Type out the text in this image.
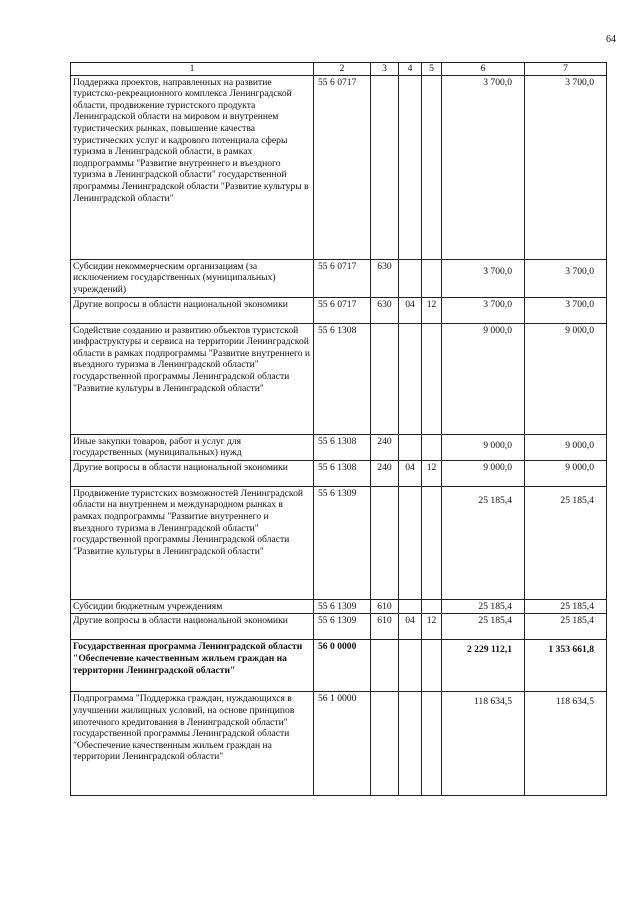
64
1	2	3	4	5	6	7
Поддержка проектов, направленных на развитие туристско-рекреационного комплекса Ленинградской области, продвижение туристского продукта Ленинградской области на мировом и внутреннем туристических рынках, повышение качества туристических услуг и кадрового потенциала сферы туризма в Ленинградской области, в рамках подпрограммы "Развитие внутреннего и въездного туризма в Ленинградской области" государственной программы Ленинградской области "Развитие культуры в Ленинградской области"	55 6 0717				3 700,0	3 700,0
Субсидии некоммерческим организациям (за исключением государственных (муниципальных) учреждений)	55 6 0717	630			3 700,0	3 700,0
Другие вопросы в области национальной экономики	55 6 0717	630	04	12	3 700,0	3 700,0
Содействие созданию и развитию объектов туристской инфраструктуры и сервиса на территории Ленинградской области в рамках подпрограммы "Развитие внутреннего и въездного туризма в Ленинградской области" государственной программы Ленинградской области "Развитие культуры в Ленинградской области"	55 6 1308				9 000,0	9 000,0
Иные закупки товаров, работ и услуг для государственных (муниципальных) нужд	55 6 1308	240			9 000,0	9 000,0
Другие вопросы в области национальной экономики	55 6 1308	240	04	12	9 000,0	9 000,0
Продвижение туристских возможностей Ленинградской области на внутреннем и международном рынках в рамках подпрограммы "Развитие внутреннего и въездного туризма в Ленинградской области" государственной программы Ленинградской области "Развитие культуры в Ленинградской области"	55 6 1309				25 185,4	25 185,4
Субсидии бюджетным учреждениям	55 6 1309	610			25 185,4	25 185,4
Другие вопросы в области национальной экономики	55 6 1309	610	04	12	25 185,4	25 185,4
Государственная программа Ленинградской области "Обеспечение качественным жильем граждан на территории Ленинградской области"	56 0 0000				2 229 112,1	1 353 661,8
Подпрограмма "Поддержка граждан, нуждающихся в улучшении жилищных условий, на основе принципов ипотечного кредитования в Ленинградской области" государственной программы Ленинградской области "Обеспечение качественным жильем граждан на территории Ленинградской области"	56 1 0000				118 634,5	118 634,5
